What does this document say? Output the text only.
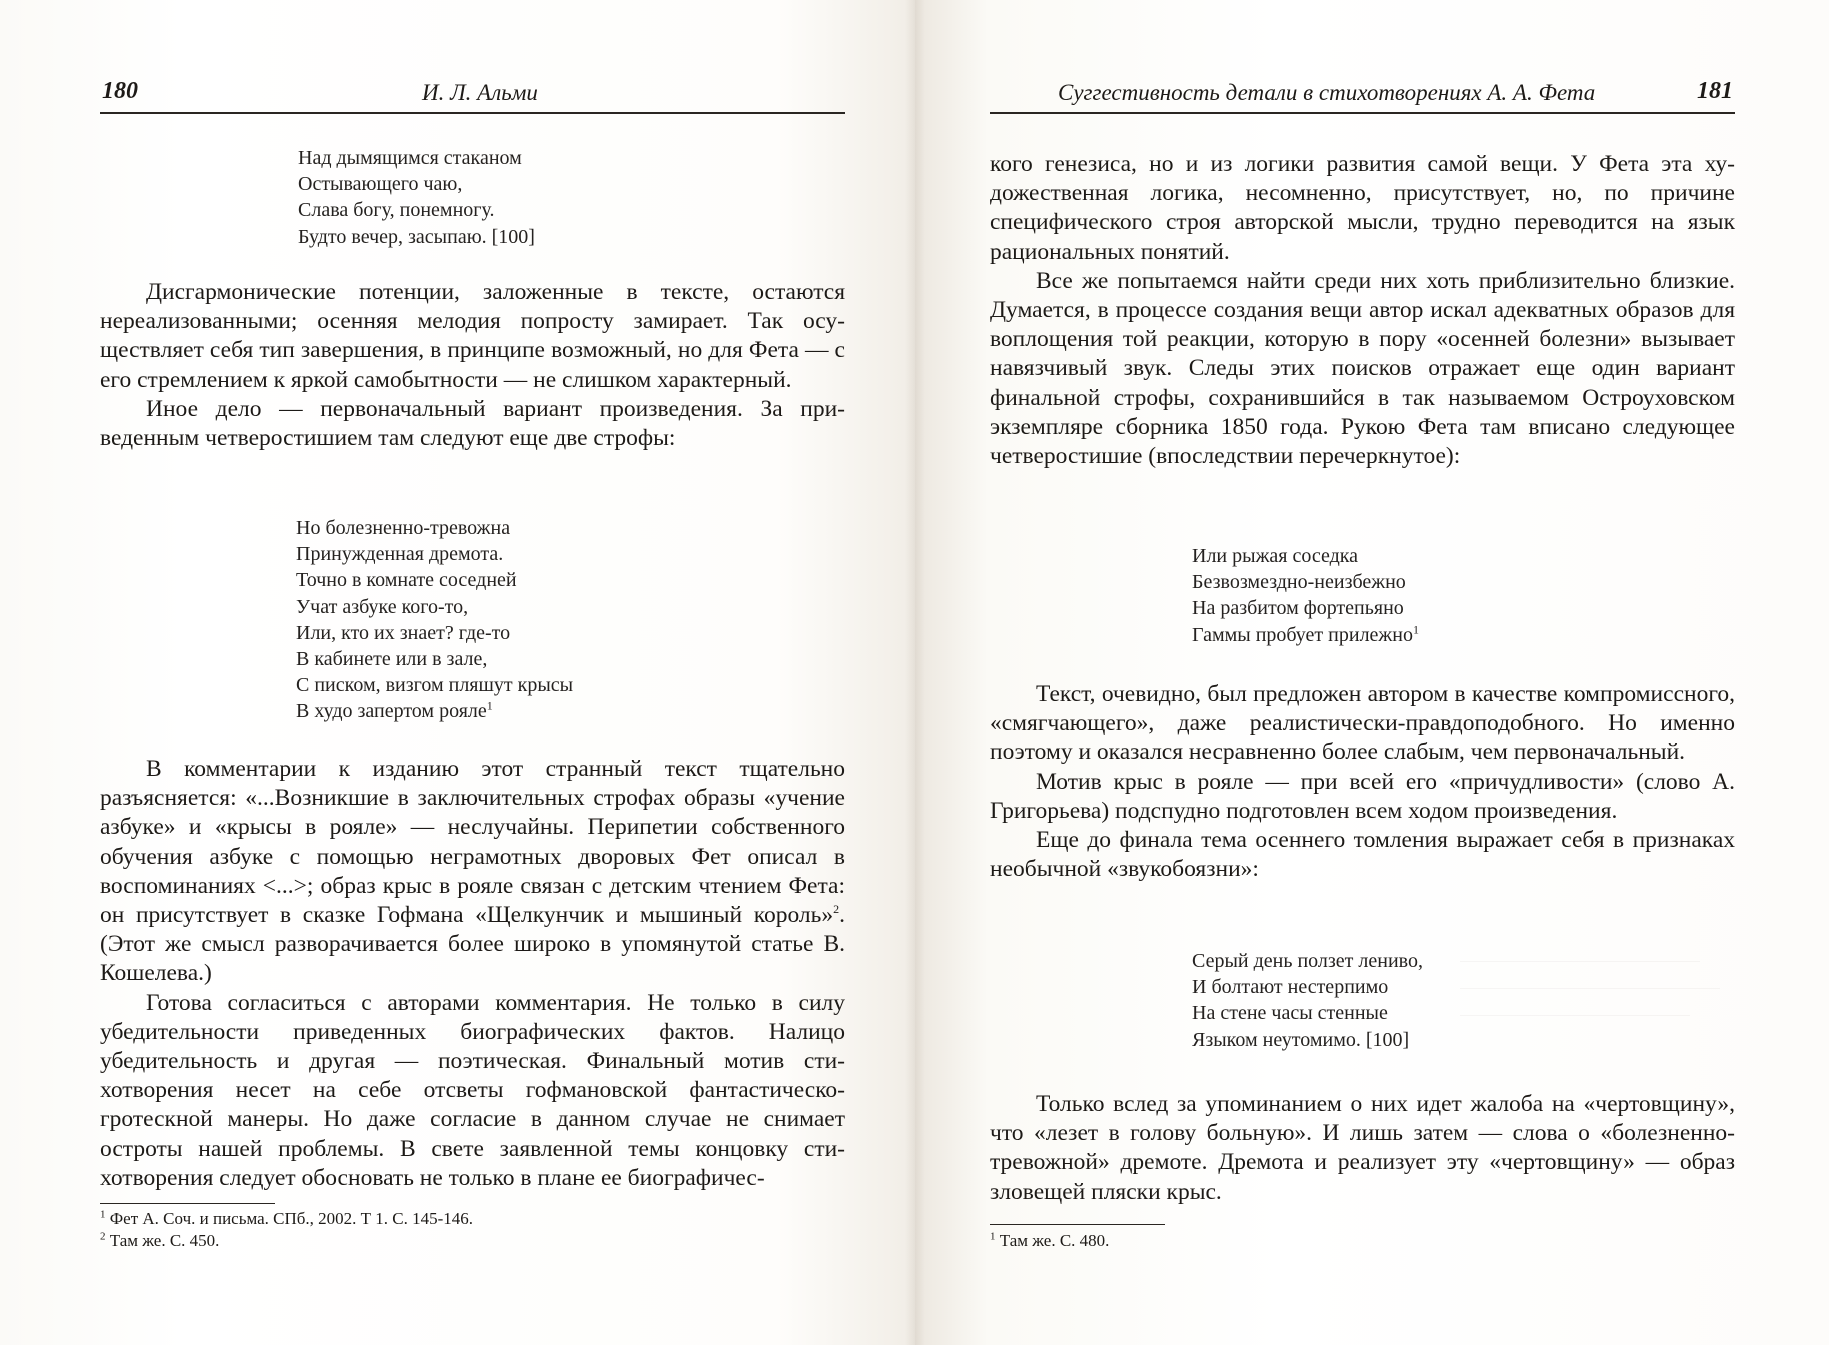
180	И. Л. Альми	Суггестивность детали в стихотворениях А. А. Фета	181
Над дымящимся стаканом
Остывающего чаю,
Слава богу, понемногу.
Будто вечер, засыпаю. [100]

Дисгармонические потенции, заложенные в тексте, остаются нереализованными; осенняя мелодия попросту замирает. Так осуществляет себя тип завершения, в принципе возможный, но для Фета — с его стремлением к яркой самобытности — не слишком характерный.

Иное дело — первоначальный вариант произведения. За приведенным четверостишием там следуют еще две строфы:

Но болезненно-тревожна
Принужденная дремота.
Точно в комнате соседней
Учат азбуке кого-то,
Или, кто их знает? где-то
В кабинете или в зале,
С писком, визгом пляшут крысы
В худо запертом рояле$^1$

В комментарии к изданию этот странный текст тщательно разъясняется: «...Возникшие в заключительных строфах образы «учение азбуке» и «крысы в рояле» — неслучайны. Перипетии собственного обучения азбуке с помощью неграмотных дворовых Фет описал в воспоминаниях <...>; образ крыс в рояле связан с детским чтением Фета: он присутствует в сказке Гофмана «Щелкунчик и мышиный король»$^2$. (Этот же смысл разворачивается более широко в упомянутой статье В. Кошелева.)

Готова согласиться с авторами комментария. Не только в силу убедительности приведенных биографических фактов. Налицо убедительность и другая — поэтическая. Финальный мотив стихотворения несет на себе отсветы гофмановской фантастическо-гротескной манеры. Но даже согласие в данном случае не снимает остроты нашей проблемы. В свете заявленной темы концовку стихотворения следует обосновать не только в плане ее биографичес-

$^1$ Фет А. Соч. и письма. СПб., 2002. Т 1. С. 145-146.
$^2$ Там же. С. 450.

кого генезиса, но и из логики развития самой вещи. У Фета эта художественная логика, несомненно, присутствует, но, по причине специфического строя авторской мысли, трудно переводится на язык рациональных понятий.

Все же попытаемся найти среди них хоть приблизительно близкие. Думается, в процессе создания вещи автор искал адекватных образов для воплощения той реакции, которую в пору «осенней болезни» вызывает навязчивый звук. Следы этих поисков отражает еще один вариант финальной строфы, сохранившийся в так называемом Остроуховском экземпляре сборника 1850 года. Рукою Фета там вписано следующее четверостишие (впоследствии перечеркнутое):

Или рыжая соседка
Безвозмездно-неизбежно
На разбитом фортепьяно
Гаммы пробует прилежно$^1$

Текст, очевидно, был предложен автором в качестве компромиссного, «смягчающего», даже реалистически-правдоподобного. Но именно поэтому и оказался несравненно более слабым, чем первоначальный.

Мотив крыс в рояле — при всей его «причудливости» (слово А. Григорьева) подспудно подготовлен всем ходом произведения.

Еще до финала тема осеннего томления выражает себя в признаках необычной «звукобоязни»:

Серый день ползет лениво,
И болтают нестерпимо
На стене часы стенные
Языком неутомимо. [100]

Только вслед за упоминанием о них идет жалоба на «чертовщину», что «лезет в голову больную». И лишь затем — слова о «болезненно-тревожной» дремоте. Дремота и реализует эту «чертовщину» — образ зловещей пляски крыс.

$^1$ Там же. С. 480.
